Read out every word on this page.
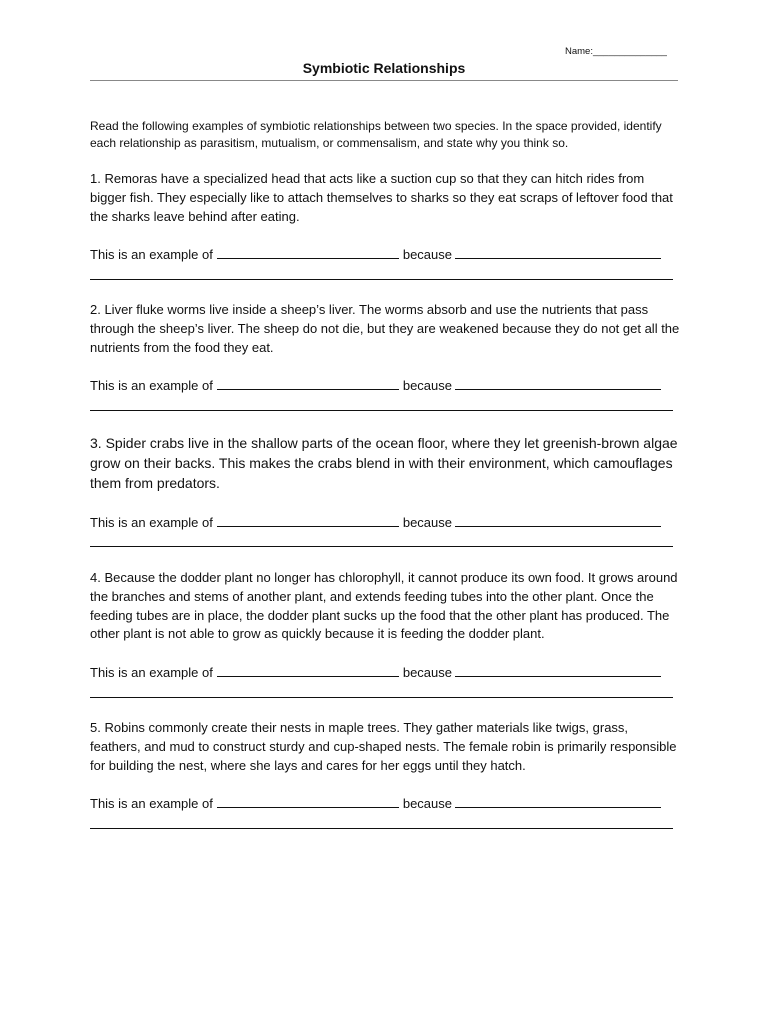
Name:______________
Symbiotic Relationships
Read the following examples of symbiotic relationships between two species. In the space provided, identify each relationship as parasitism, mutualism, or commensalism, and state why you think so.
1. Remoras have a specialized head that acts like a suction cup so that they can hitch rides from bigger fish. They especially like to attach themselves to sharks so they eat scraps of leftover food that the sharks leave behind after eating.
This is an example of	because
2. Liver fluke worms live inside a sheep’s liver. The worms absorb and use the nutrients that pass through the sheep’s liver. The sheep do not die, but they are weakened because they do not get all the nutrients from the food they eat.
This is an example of	because
3. Spider crabs live in the shallow parts of the ocean floor, where they let greenish-brown algae grow on their backs. This makes the crabs blend in with their environment, which camouflages them from predators.
This is an example of	because
4. Because the dodder plant no longer has chlorophyll, it cannot produce its own food. It grows around the branches and stems of another plant, and extends feeding tubes into the other plant. Once the feeding tubes are in place, the dodder plant sucks up the food that the other plant has produced. The other plant is not able to grow as quickly because it is feeding the dodder plant.
This is an example of	because
5. Robins commonly create their nests in maple trees. They gather materials like twigs, grass, feathers, and mud to construct sturdy and cup-shaped nests. The female robin is primarily responsible for building the nest, where she lays and cares for her eggs until they hatch.
This is an example of	because
